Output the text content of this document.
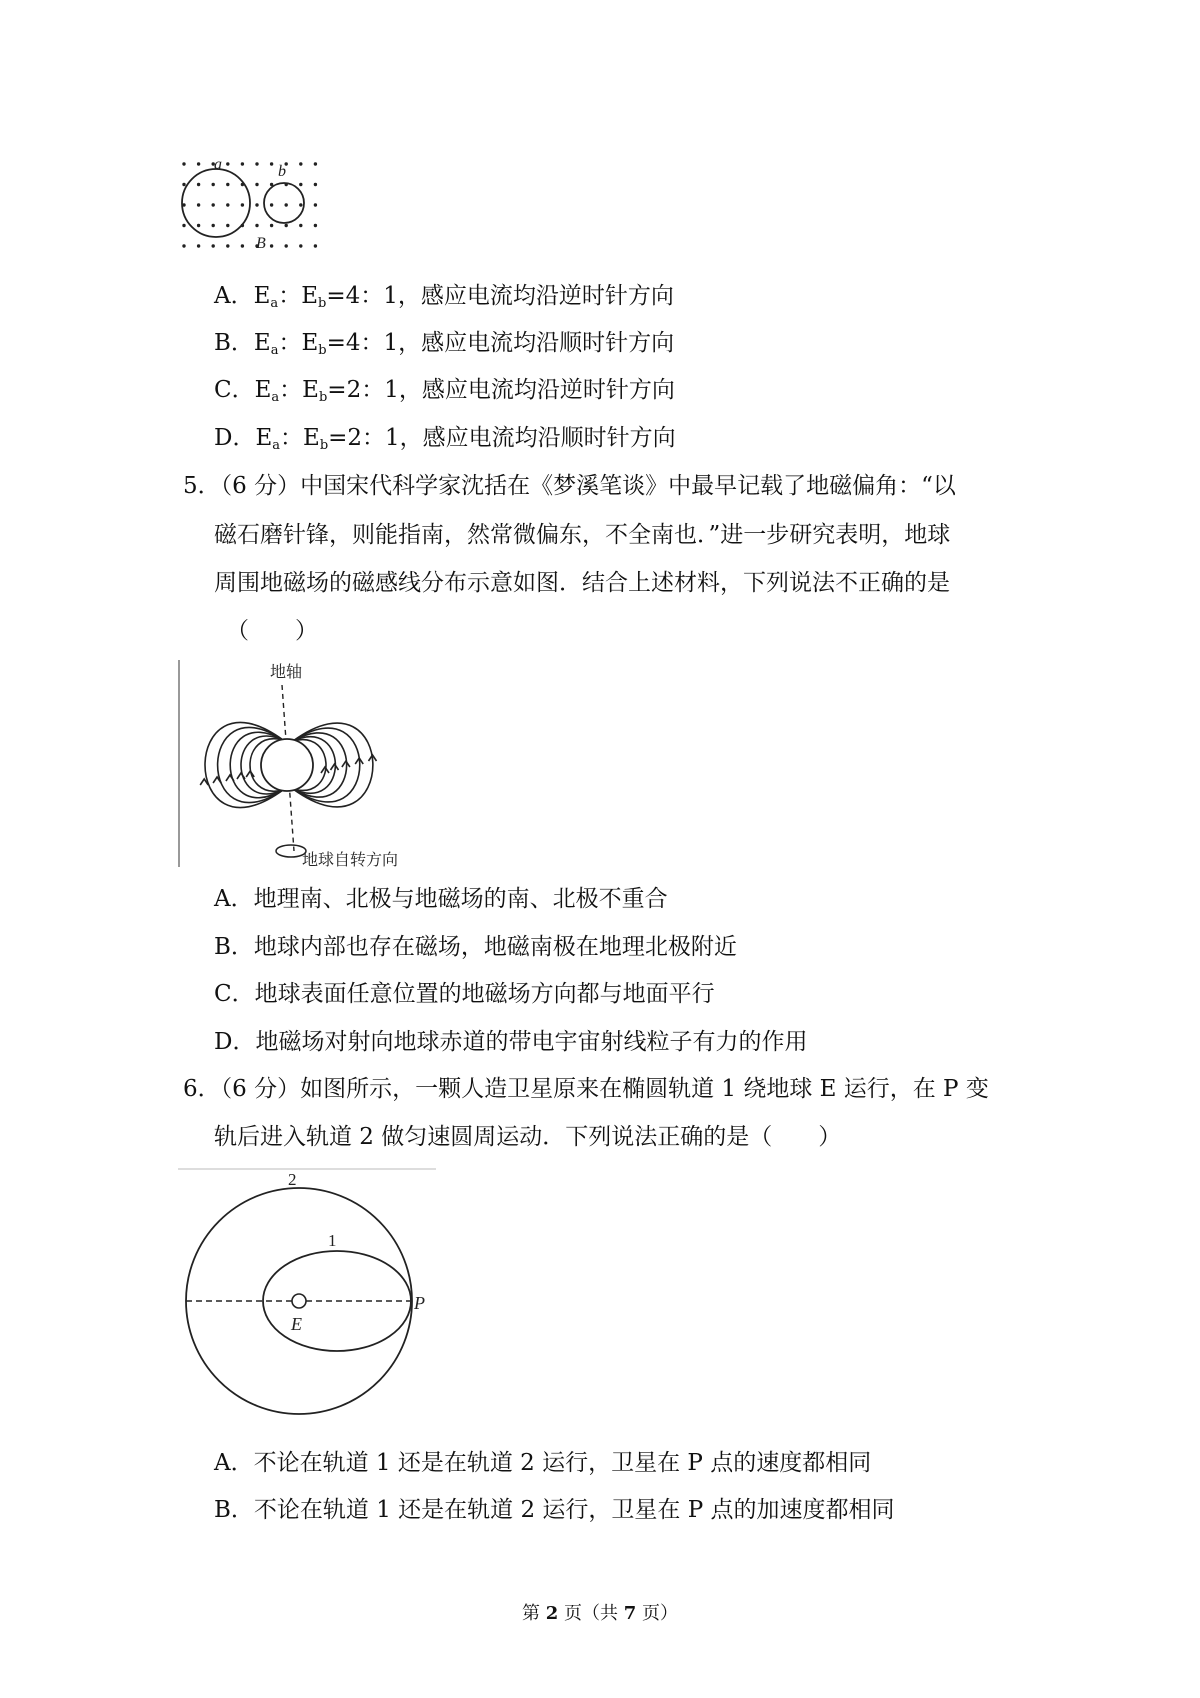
a	b
B
A．$E_a$：$E_b=4$：1，感应电流均沿逆时针方向
B．$E_a$：$E_b=4$：1，感应电流均沿顺时针方向
C．$E_a$：$E_b=2$：1，感应电流均沿逆时针方向
D．$E_a$：$E_b=2$：1，感应电流均沿顺时针方向
5．（6 分）中国宋代科学家沈括在《梦溪笔谈》中最早记载了地磁偏角：“以
磁石磨针锋，则能指南，然常微偏东，不全南也．”进一步研究表明，地球
周围地磁场的磁感线分布示意如图．结合上述材料，下列说法不正确的是
（　　）
地轴
地球自转方向
A．地理南、北极与地磁场的南、北极不重合
B．地球内部也存在磁场，地磁南极在地理北极附近
C．地球表面任意位置的地磁场方向都与地面平行
D．地磁场对射向地球赤道的带电宇宙射线粒子有力的作用
6．（6 分）如图所示，一颗人造卫星原来在椭圆轨道 1 绕地球 E 运行，在 P 变
轨后进入轨道 2 做匀速圆周运动．下列说法正确的是（　　）
2
1
E
P
A．不论在轨道 1 还是在轨道 2 运行，卫星在 P 点的速度都相同
B．不论在轨道 1 还是在轨道 2 运行，卫星在 P 点的加速度都相同
第 2 页（共 7 页）
